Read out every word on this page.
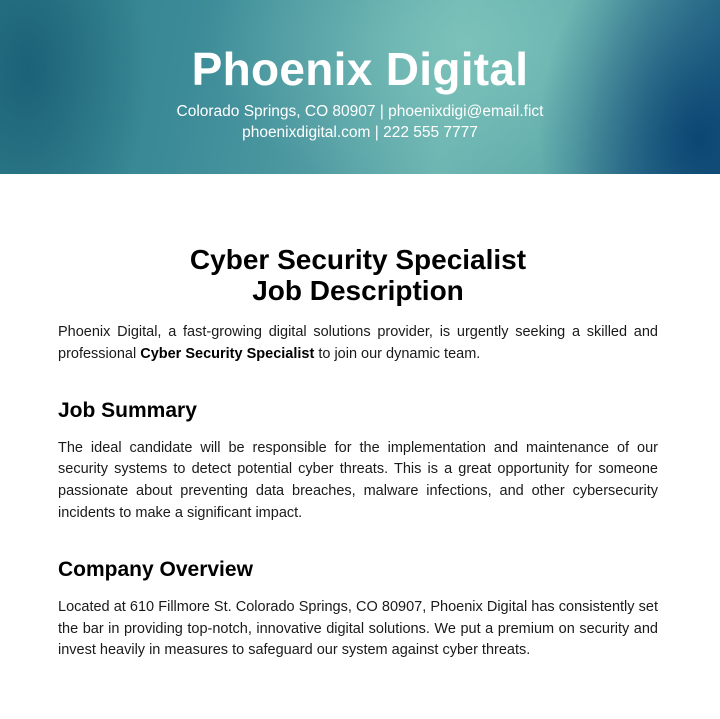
Phoenix Digital
Colorado Springs, CO 80907 | phoenixdigi@email.fict
phoenixdigital.com | 222 555 7777
Cyber Security Specialist
Job Description

Phoenix Digital, a fast-growing digital solutions provider, is urgently seeking a skilled and professional Cyber Security Specialist to join our dynamic team.

Job Summary

The ideal candidate will be responsible for the implementation and maintenance of our security systems to detect potential cyber threats. This is a great opportunity for someone passionate about preventing data breaches, malware infections, and other cybersecurity incidents to make a significant impact.

Company Overview

Located at 610 Fillmore St. Colorado Springs, CO 80907, Phoenix Digital has consistently set the bar in providing top-notch, innovative digital solutions. We put a premium on security and invest heavily in measures to safeguard our system against cyber threats.
